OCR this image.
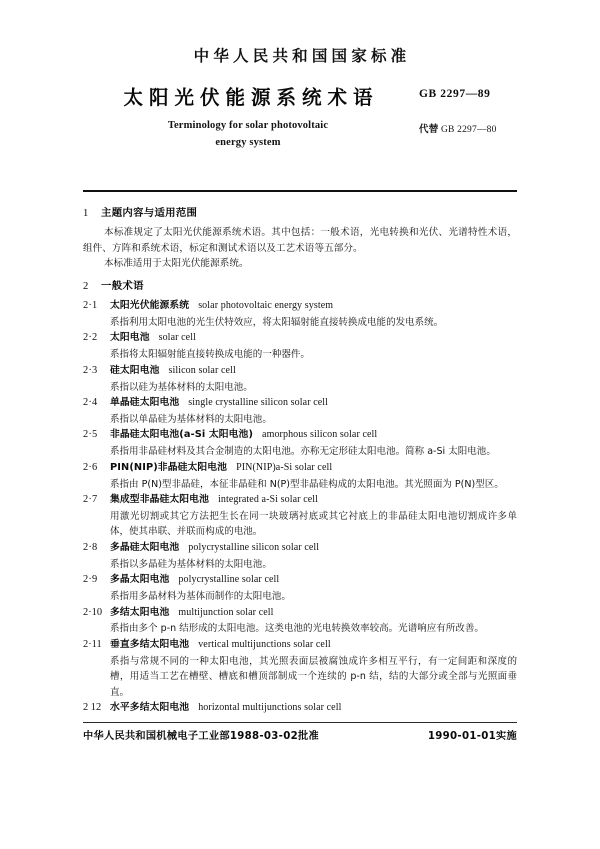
中华人民共和国国家标准
太阳光伏能源系统术语
Terminology for solar photovoltaic
energy system
GB 2297—89
代替 GB 2297—80
1 主题内容与适用范围
本标准规定了太阳光伏能源系统术语。其中包括：一般术语，光电转换和光伏、光谱特性术语，组件、方阵和系统术语，标定和测试术语以及工艺术语等五部分。
本标准适用于太阳光伏能源系统。
2 一般术语
2·1 太阳光伏能源系统 solar photovoltaic energy system
系指利用太阳电池的光生伏特效应，将太阳辐射能直接转换成电能的发电系统。
2·2 太阳电池 solar cell
系指将太阳辐射能直接转换成电能的一种器件。
2·3 硅太阳电池 silicon solar cell
系指以硅为基体材料的太阳电池。
2·4 单晶硅太阳电池 single crystalline silicon solar cell
系指以单晶硅为基体材料的太阳电池。
2·5 非晶硅太阳电池(a-Si 太阳电池) amorphous silicon solar cell
系指用非晶硅材料及其合金制造的太阳电池。亦称无定形硅太阳电池。简称 a-Si 太阳电池。
2·6 PIN(NIP)非晶硅太阳电池 PIN(NIP)a-Si solar cell
系指由 P(N)型非晶硅，本征非晶硅和 N(P)型非晶硅构成的太阳电池。其光照面为 P(N)型区。
2·7 集成型非晶硅太阳电池 integrated a-Si solar cell
用激光切割或其它方法把生长在同一块玻璃衬底或其它衬底上的非晶硅太阳电池切割成许多单体，使其串联、并联而构成的电池。
2·8 多晶硅太阳电池 polycrystalline silicon solar cell
系指以多晶硅为基体材料的太阳电池。
2·9 多晶太阳电池 polycrystalline solar cell
系指用多晶材料为基体而制作的太阳电池。
2·10 多结太阳电池 multijunction solar cell
系指由多个 p-n 结形成的太阳电池。这类电池的光电转换效率较高。光谱响应有所改善。
2·11 垂直多结太阳电池 vertical multijunctions solar cell
系指与常规不同的一种太阳电池，其光照表面层被腐蚀成许多相互平行，有一定间距和深度的槽，用适当工艺在槽壁、槽底和槽顶部制成一个连续的 p-n 结，结的大部分或全部与光照面垂直。
2 12 水平多结太阳电池 horizontal multijunctions solar cell
中华人民共和国机械电子工业部1988-03-02批准	1990-01-01实施
